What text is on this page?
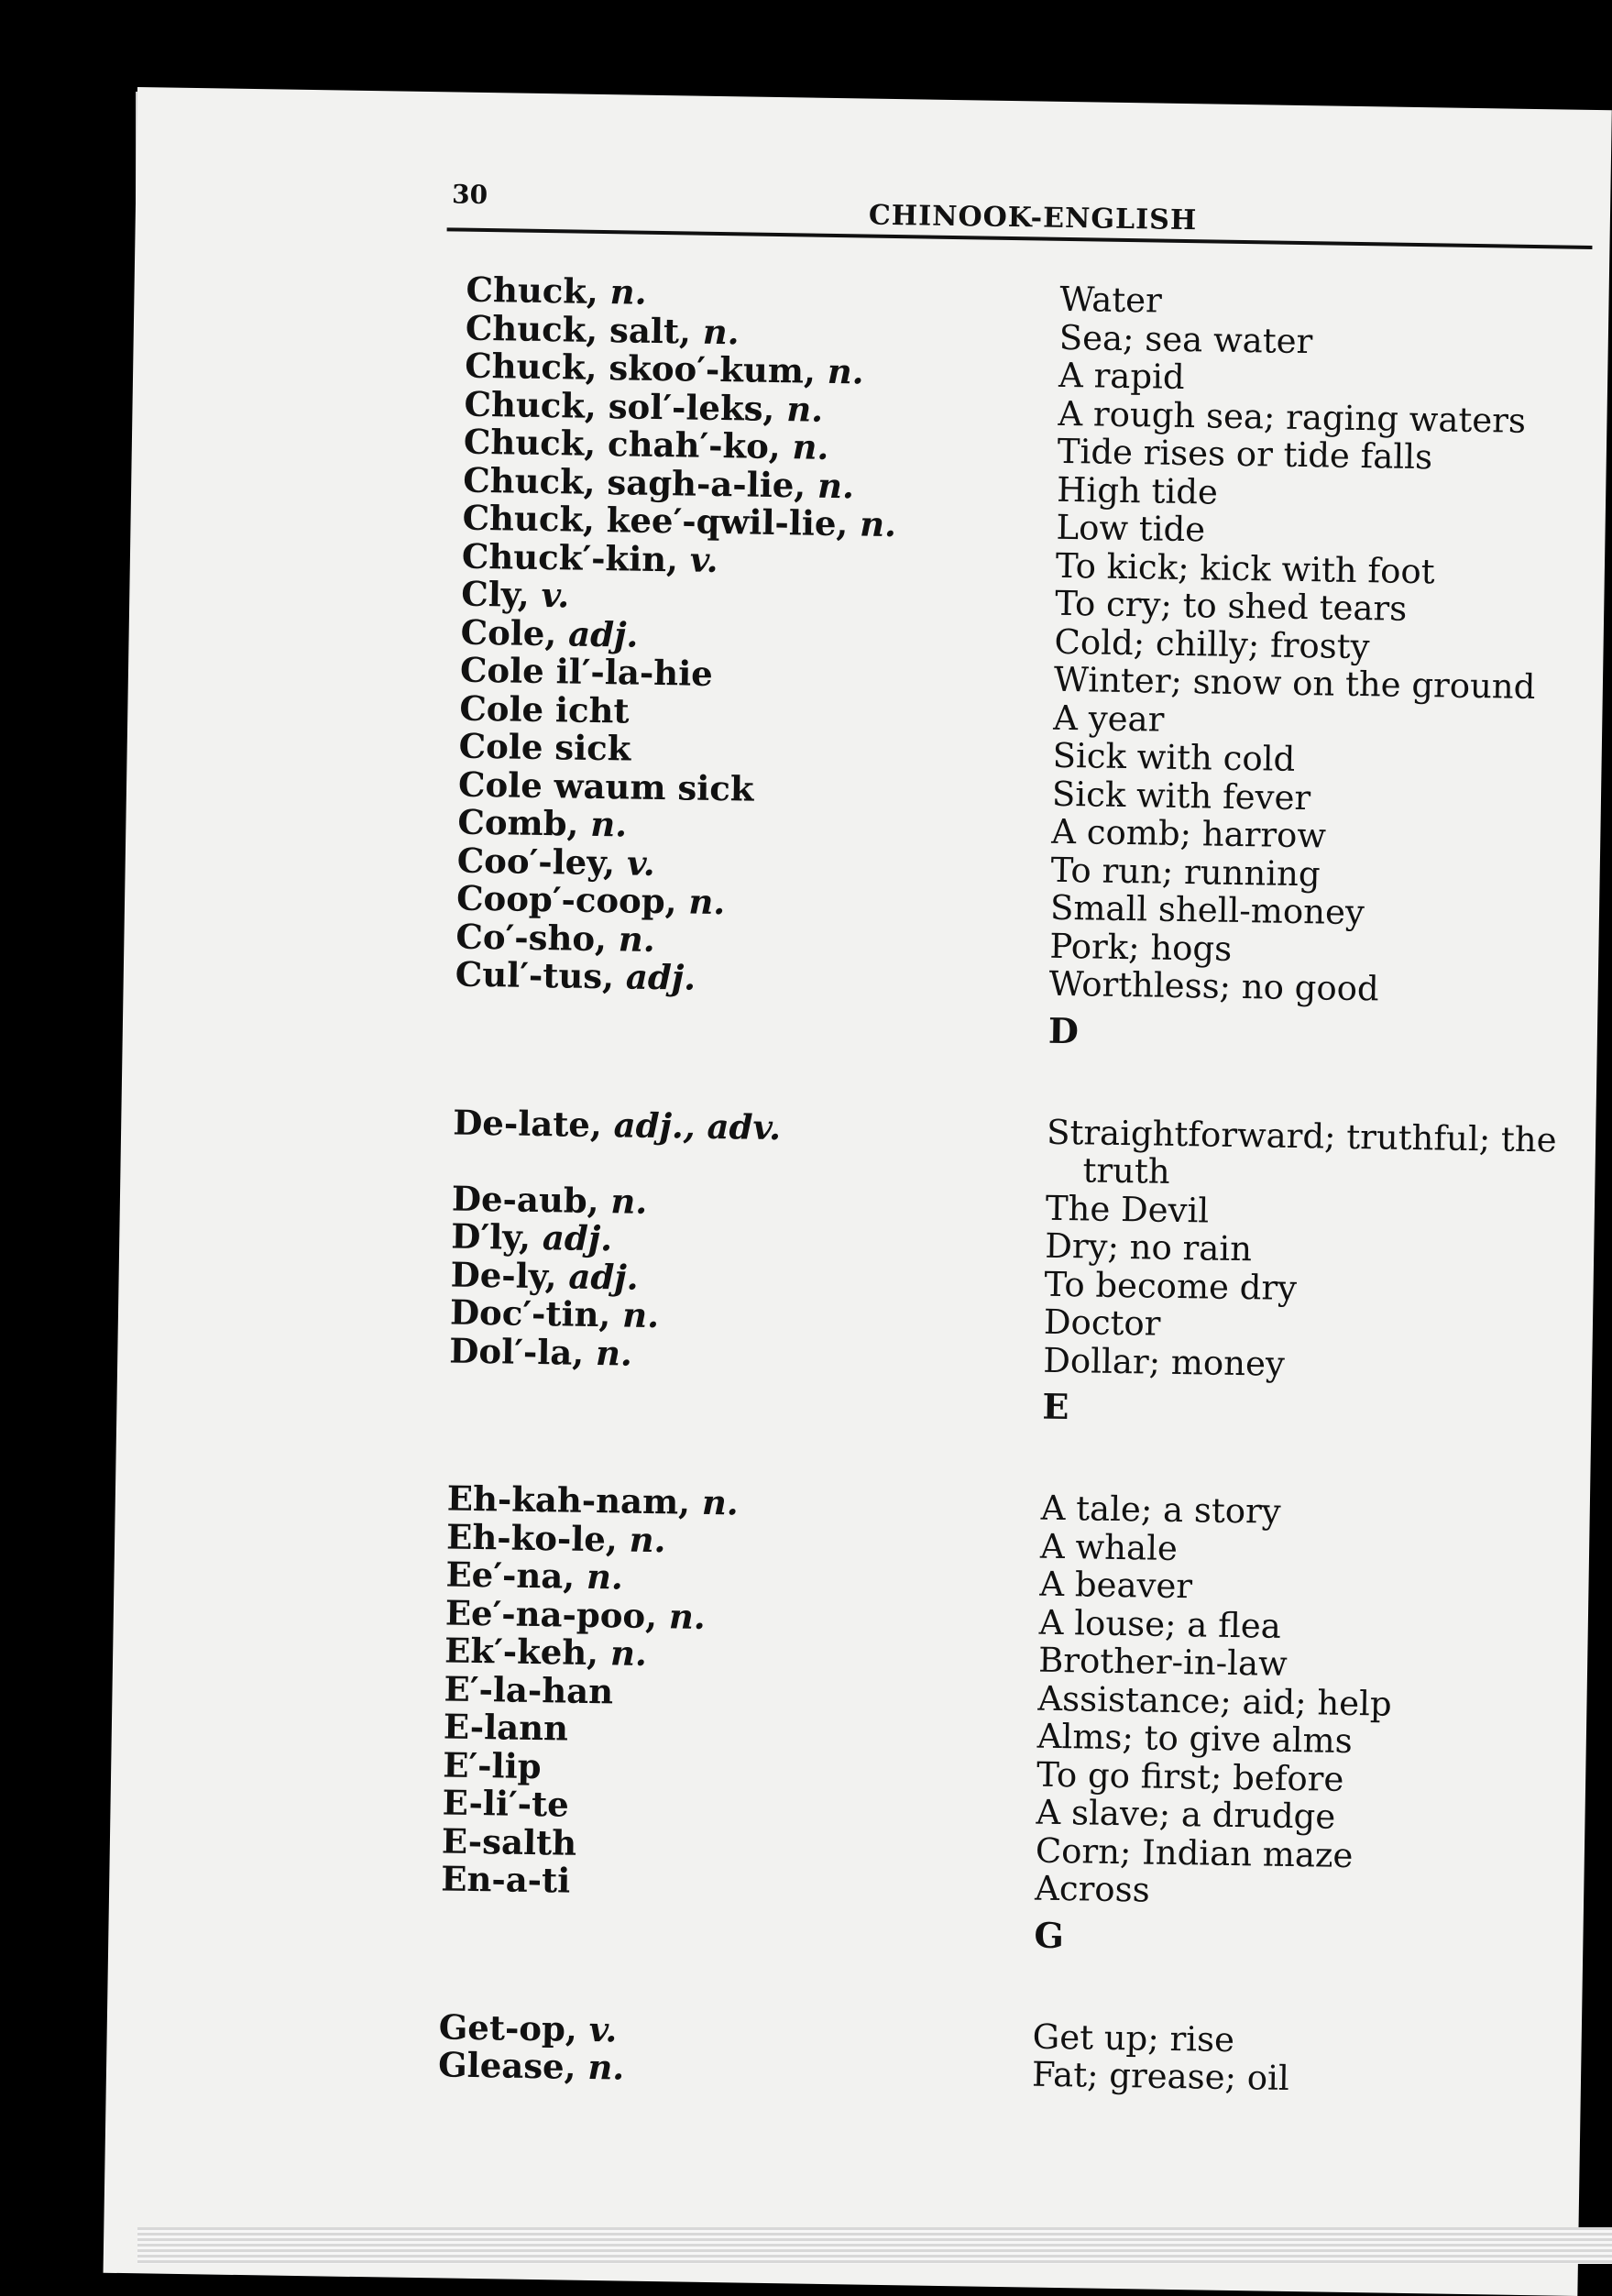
30
CHINOOK-ENGLISH
Chuck, n.
Chuck, salt, n.
Chuck, skoo′-kum, n.
Chuck, sol′-leks, n.
Chuck, chah′-ko, n.
Chuck, sagh-a-lie, n.
Chuck, kee′-qwil-lie, n.
Chuck′-kin, v.
Cly, v.
Cole, adj.
Cole il′-la-hie
Cole icht
Cole sick
Cole waum sick
Comb, n.
Coo′-ley, v.
Coop′-coop, n.
Co′-sho, n.
Cul′-tus, adj.
De-late, adj., adv.
De-aub, n.
D′ly, adj.
De-ly, adj.
Doc′-tin, n.
Dol′-la, n.
Eh-kah-nam, n.
Eh-ko-le, n.
Ee′-na, n.
Ee′-na-poo, n.
Ek′-keh, n.
E′-la-han
E-lann
E′-lip
E-li′-te
E-salth
En-a-ti
Get-op, v.
Glease, n.
Water
Sea; sea water
A rapid
A rough sea; raging waters
Tide rises or tide falls
High tide
Low tide
To kick; kick with foot
To cry; to shed tears
Cold; chilly; frosty
Winter; snow on the ground
A year
Sick with cold
Sick with fever
A comb; harrow
To run; running
Small shell-money
Pork; hogs
Worthless; no good
D
Straightforward; truthful; the
truth
The Devil
Dry; no rain
To become dry
Doctor
Dollar; money
E
A tale; a story
A whale
A beaver
A louse; a flea
Brother-in-law
Assistance; aid; help
Alms; to give alms
To go first; before
A slave; a drudge
Corn; Indian maze
Across
G
Get up; rise
Fat; grease; oil
